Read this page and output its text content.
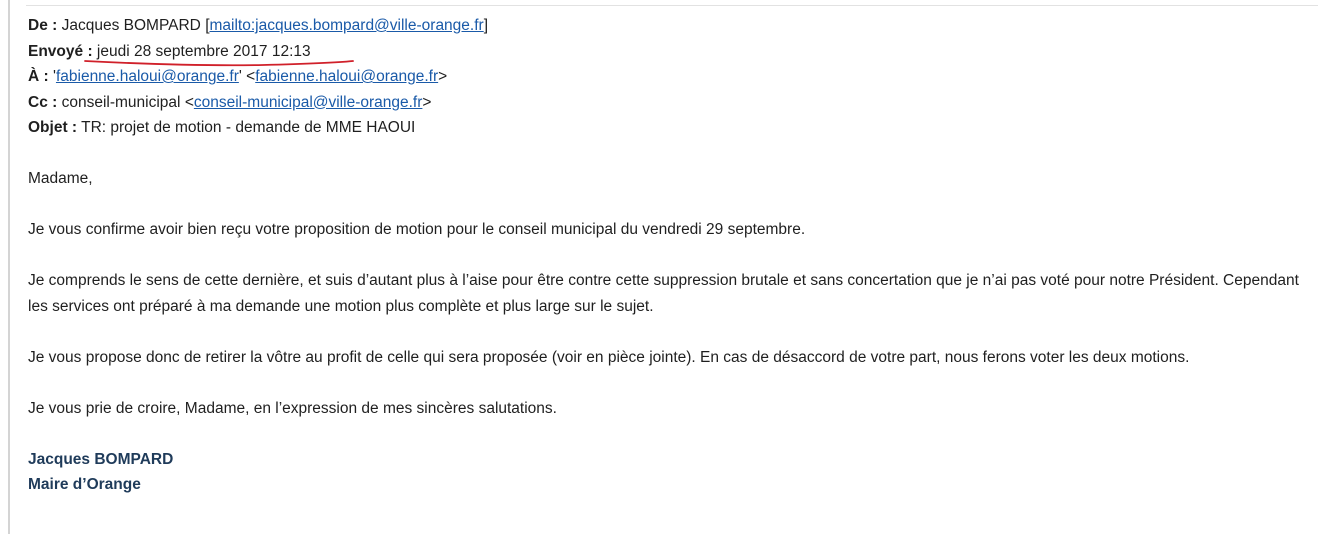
De : Jacques BOMPARD [mailto:jacques.bompard@ville-orange.fr]
Envoyé : jeudi 28 septembre 2017 12:13
À : 'fabienne.haloui@orange.fr' <fabienne.haloui@orange.fr>
Cc : conseil-municipal <conseil-municipal@ville-orange.fr>
Objet : TR: projet de motion - demande de MME HAOUI

Madame,

Je vous confirme avoir bien reçu votre proposition de motion pour le conseil municipal du vendredi 29 septembre.

Je comprends le sens de cette dernière, et suis d’autant plus à l’aise pour être contre cette suppression brutale et sans concertation que je n’ai pas voté pour notre Président. Cependant les services ont préparé à ma demande une motion plus complète et plus large sur le sujet.

Je vous propose donc de retirer la vôtre au profit de celle qui sera proposée (voir en pièce jointe). En cas de désaccord de votre part, nous ferons voter les deux motions.

Je vous prie de croire, Madame, en l’expression de mes sincères salutations.

Jacques BOMPARD
Maire d’Orange
